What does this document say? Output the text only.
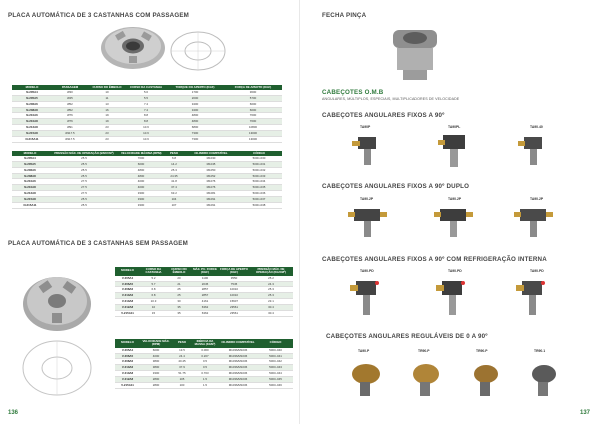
PLACA AUTOMÁTICA DE 3 CASTANHAS COM PASSAGEM
MODELO	PASSAGEM	CURSO DO ÊMBOLO	CURSO DA CASTANHA	TORQUE DO APERTO (KGF)	FORÇA DE APERTO (KGF)
N-205A4	Ø30	10	5.6	1700	3600
N-205A5	Ø45	11	5.5	2000	5700
N-206A6	Ø52	13	7.4	3400	6600
N-208A8	Ø52	16	7.4	3400	6600
N-210A6	Ø76	19	8.8	4800	7600
N-210A8	Ø76	19	8.8	4800	7600
N-212A8	Ø91	23	10.6	6800	10800
N-215A8	Ø117.5	23	10.6	7300	13000
N-215A11	Ø117.5	23	10.6	7300	13000
MODELO	PRESSÃO MÁX. DE OPERAÇÃO (BSF/CM²)	VELOCIDADE MÁXIMA (RPM)	PESO	CILINDRO COMPATÍVEL	CÓDIGO
N-205A4	25.5	7000	6.8	M1030	500C-030
N-205A5	25.5	6000	14.2	M1045	500C-031
N-206A6	25.5	4800	25.3	M1050	500C-032
N-208A8	25.5	4800	24.35	M1052	500C-033
N-210A6	27.5	4000	41.8	M1076	500C-034
N-210A8	27.5	4000	37.4	M1076	500C-035
N-212A8	27.5	3300	63.2	M1081	500C-036
N-215A8	25.5	3300	104	M1091	500C-037
N-215A11	25.5	3300	107	M1091	500C-038
PLACA AUTOMÁTICA DE 3 CASTANHAS SEM PASSAGEM
MODELO	CURSO DA CASTANHA	CURSO DO ÊMBOLO	MÁX. PU. FORCE (KGF)	FORÇA DE APERTO (KGF)	PRESSÃO MÁX. DE OPERAÇÃO (KG/CM²)
V-205A4	5.2	20	1100	3550	25.2
V-206A5	5.7	21	2045	7545	24.3
V-208A6	6.8	25	2857	10010	25.3
V-210A6	6.8	25	2857	10010	25.3
V-210A8	10.3	30	4161	15607	23.1
V-212A8	10	35	6362	23561	30.4
V-215A11	15	35	6362	23561	30.4
MODELO	VELOCIDADE MÁX. (RPM)	PESO	INÉRCIA DA MASSA (KGM²)	CILINDRO COMPATÍVEL	CÓDIGO
V-205A4	6000	13.5	0.060	M1036/M1036	500C-040
V-206A5	4000	24.4	0.207	M1036/M1036	500C-041
V-208A6	3800	40.45	0.5	M1036/M1036	500C-042
V-210A6	3800	37.9	0.5	M1036/M1036	500C-043
V-210A8	3300	51.75	0.703	M1036/M1036	500C-044
V-212A8	2800	105	1.5	M1036/M1036	500C-045
V-215A11	2800	100	1.5	M1036/M1036	500C-046
136
FECHA PINÇA
CABEÇOTES O.M.B
ANGULARES, MÚLTIPLOS, ESPECIAIS, MULTIPLICADORES DE VELOCIDADE
CABEÇOTES ANGULARES FIXOS A 90º
TA90P	TA90PL	TA90.40
CABEÇOTES ANGULARES FIXOS A 90º DUPLO
TA90.2P	TA90.2P	TA90.2P
CABEÇOTES ANGULARES FIXOS A 90º COM REFRIGERAÇÃO INTERNA
TA90.PD	TA90.PD	TA90.PD
CABEÇOTES ANGULARES REGULÁVEIS DE 0 A 90º
TA90.P	TR90.P	TR90.P	TR90.1
137
